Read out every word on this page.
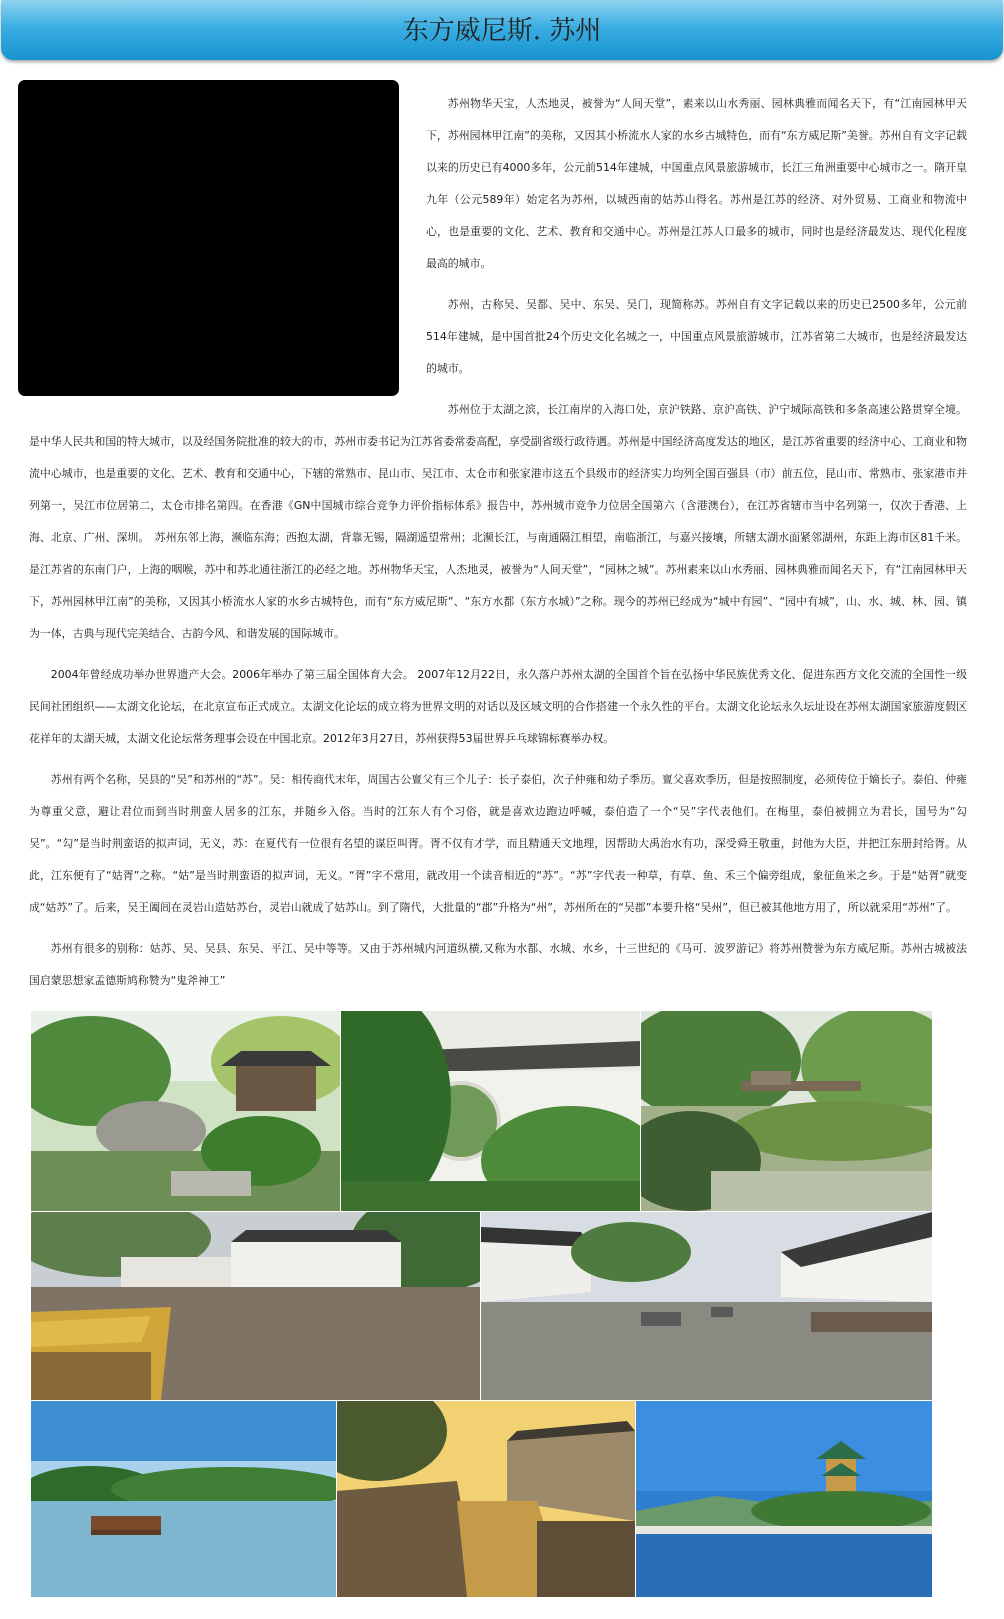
东方威尼斯. 苏州

苏州物华天宝，人杰地灵，被誉为“人间天堂”，素来以山水秀丽、园林典雅而闻名天下，有“江南园林甲天下，苏州园林甲江南”的美称，又因其小桥流水人家的水乡古城特色，而有“东方威尼斯”美誉。苏州自有文字记载以来的历史已有4000多年，公元前514年建城，中国重点风景旅游城市，长江三角洲重要中心城市之一。隋开皇九年（公元589年）始定名为苏州，以城西南的姑苏山得名。苏州是江苏的经济、对外贸易、工商业和物流中心，也是重要的文化、艺术、教育和交通中心。苏州是江苏人口最多的城市，同时也是经济最发达、现代化程度最高的城市。

苏州，古称吴、吴都、吴中、东吴、吴门，现简称苏。苏州自有文字记载以来的历史已2500多年，公元前514年建城，是中国首批24个历史文化名城之一，中国重点风景旅游城市，江苏省第二大城市，也是经济最发达的城市。

苏州位于太湖之滨，长江南岸的入海口处，京沪铁路、京沪高铁、沪宁城际高铁和多条高速公路贯穿全境。是中华人民共和国的特大城市，以及经国务院批准的较大的市，苏州市委书记为江苏省委常委高配，享受副省级行政待遇。苏州是中国经济高度发达的地区，是江苏省重要的经济中心、工商业和物流中心城市，也是重要的文化、艺术、教育和交通中心，下辖的常熟市、昆山市、吴江市、太仓市和张家港市这五个县级市的经济实力均列全国百强县（市）前五位，昆山市、常熟市、张家港市并列第一，吴江市位居第二，太仓市排名第四。在香港《GN中国城市综合竞争力评价指标体系》报告中，苏州城市竞争力位居全国第六（含港澳台），在江苏省辖市当中名列第一，仅次于香港、上海、北京、广州、深圳。　苏州东邻上海，濒临东海；西抱太湖，背靠无锡，隔湖遥望常州；北濒长江，与南通隔江相望，南临浙江，与嘉兴接壤，所辖太湖水面紧邻湖州，东距上海市区81千米。是江苏省的东南门户，上海的咽喉，苏中和苏北通往浙江的必经之地。苏州物华天宝，人杰地灵，被誉为“人间天堂”，“园林之城”。苏州素来以山水秀丽、园林典雅而闻名天下，有“江南园林甲天下，苏州园林甲江南”的美称，又因其小桥流水人家的水乡古城特色，而有“东方威尼斯”、“东方水都（东方水城）”之称。现今的苏州已经成为“城中有园”、“园中有城”，山、水、城、林、园、镇为一体，古典与现代完美结合、古韵今风、和谐发展的国际城市。

2004年曾经成功举办世界遗产大会。2006年举办了第三届全国体育大会。 2007年12月22日，永久落户苏州太湖的全国首个旨在弘扬中华民族优秀文化、促进东西方文化交流的全国性一级民间社团组织——太湖文化论坛，在北京宣布正式成立。太湖文化论坛的成立将为世界文明的对话以及区域文明的合作搭建一个永久性的平台。太湖文化论坛永久坛址设在苏州太湖国家旅游度假区花祥年的太湖天城，太湖文化论坛常务理事会设在中国北京。2012年3月27日，苏州获得53届世界乒乓球锦标赛举办权。

苏州有两个名称，吴县的“吴”和苏州的“苏”。吴：相传商代末年，周国古公亶父有三个儿子：长子泰伯，次子仲雍和幼子季历。亶父喜欢季历，但是按照制度，必须传位于嫡长子。泰伯、仲雍为尊重父意，避让君位而到当时荆蛮人居多的江东，并随乡入俗。当时的江东人有个习俗，就是喜欢边跑边呼喊，泰伯造了一个“吴”字代表他们。在梅里，泰伯被拥立为君长，国号为“勾吴”。“勾”是当时荆蛮语的拟声词，无义，苏：在夏代有一位很有名望的谋臣叫胥。胥不仅有才学，而且精通天文地理，因帮助大禹治水有功，深受舜王敬重，封他为大臣，并把江东册封给胥。从此，江东便有了“姑胥”之称。“姑”是当时荆蛮语的拟声词，无义。“胥”字不常用，就改用一个读音相近的“苏”。“苏”字代表一种草，有草、鱼、禾三个偏旁组成，象征鱼米之乡。于是“姑胥”就变成“姑苏”了。后来，吴王阖闾在灵岩山造姑苏台，灵岩山就成了姑苏山。到了隋代，大批量的“郡”升格为“州”，苏州所在的“吴郡”本要升格“吴州”，但已被其他地方用了，所以就采用“苏州”了。

苏州有很多的别称：姑苏、吴、吴县、东吴、平江、吴中等等。又由于苏州城内河道纵横,又称为水都、水城、水乡，十三世纪的《马可．波罗游记》将苏州赞誉为东方威尼斯。苏州古城被法国启蒙思想家孟德斯鸠称赞为“鬼斧神工”
